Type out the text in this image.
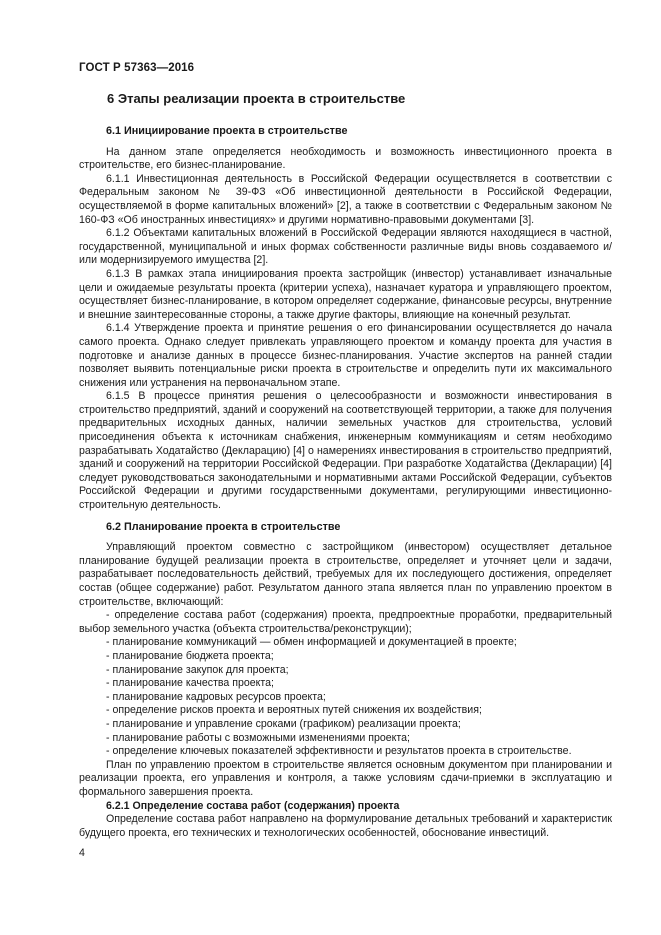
ГОСТ Р 57363—2016
6 Этапы реализации проекта в строительстве

6.1 Инициирование проекта в строительстве

На данном этапе определяется необходимость и возможность инвестиционного проекта в строительстве, его бизнес-планирование.

6.1.1 Инвестиционная деятельность в Российской Федерации осуществляется в соответствии с Федеральным законом № 39-ФЗ «Об инвестиционной деятельности в Российской Федерации, осуществляемой в форме капитальных вложений» [2], а также в соответствии с Федеральным законом № 160-ФЗ «Об иностранных инвестициях» и другими нормативно-правовыми документами [3].

6.1.2 Объектами капитальных вложений в Российской Федерации являются находящиеся в частной, государственной, муниципальной и иных формах собственности различные виды вновь создаваемого и/или модернизируемого имущества [2].

6.1.3 В рамках этапа инициирования проекта застройщик (инвестор) устанавливает изначальные цели и ожидаемые результаты проекта (критерии успеха), назначает куратора и управляющего проектом, осуществляет бизнес-планирование, в котором определяет содержание, финансовые ресурсы, внутренние и внешние заинтересованные стороны, а также другие факторы, влияющие на конечный результат.

6.1.4 Утверждение проекта и принятие решения о его финансировании осуществляется до начала самого проекта. Однако следует привлекать управляющего проектом и команду проекта для участия в подготовке и анализе данных в процессе бизнес-планирования. Участие экспертов на ранней стадии позволяет выявить потенциальные риски проекта в строительстве и определить пути их максимального снижения или устранения на первоначальном этапе.

6.1.5 В процессе принятия решения о целесообразности и возможности инвестирования в строительство предприятий, зданий и сооружений на соответствующей территории, а также для получения предварительных исходных данных, наличии земельных участков для строительства, условий присоединения объекта к источникам снабжения, инженерным коммуникациям и сетям необходимо разрабатывать Ходатайство (Декларацию) [4] о намерениях инвестирования в строительство предприятий, зданий и сооружений на территории Российской Федерации. При разработке Ходатайства (Декларации) [4] следует руководствоваться законодательными и нормативными актами Российской Федерации, субъектов Российской Федерации и другими государственными документами, регулирующими инвестиционно-строительную деятельность.

6.2 Планирование проекта в строительстве

Управляющий проектом совместно с застройщиком (инвестором) осуществляет детальное планирование будущей реализации проекта в строительстве, определяет и уточняет цели и задачи, разрабатывает последовательность действий, требуемых для их последующего достижения, определяет состав (общее содержание) работ. Результатом данного этапа является план по управлению проектом в строительстве, включающий:

- определение состава работ (содержания) проекта, предпроектные проработки, предварительный выбор земельного участка (объекта строительства/реконструкции);

- планирование коммуникаций — обмен информацией и документацией в проекте;

- планирование бюджета проекта;

- планирование закупок для проекта;

- планирование качества проекта;

- планирование кадровых ресурсов проекта;

- определение рисков проекта и вероятных путей снижения их воздействия;

- планирование и управление сроками (графиком) реализации проекта;

- планирование работы с возможными изменениями проекта;

- определение ключевых показателей эффективности и результатов проекта в строительстве.

План по управлению проектом в строительстве является основным документом при планировании и реализации проекта, его управления и контроля, а также условиям сдачи-приемки в эксплуатацию и формального завершения проекта.

6.2.1 Определение состава работ (содержания) проекта

Определение состава работ направлено на формулирование детальных требований и характеристик будущего проекта, его технических и технологических особенностей, обоснование инвестиций.

4
